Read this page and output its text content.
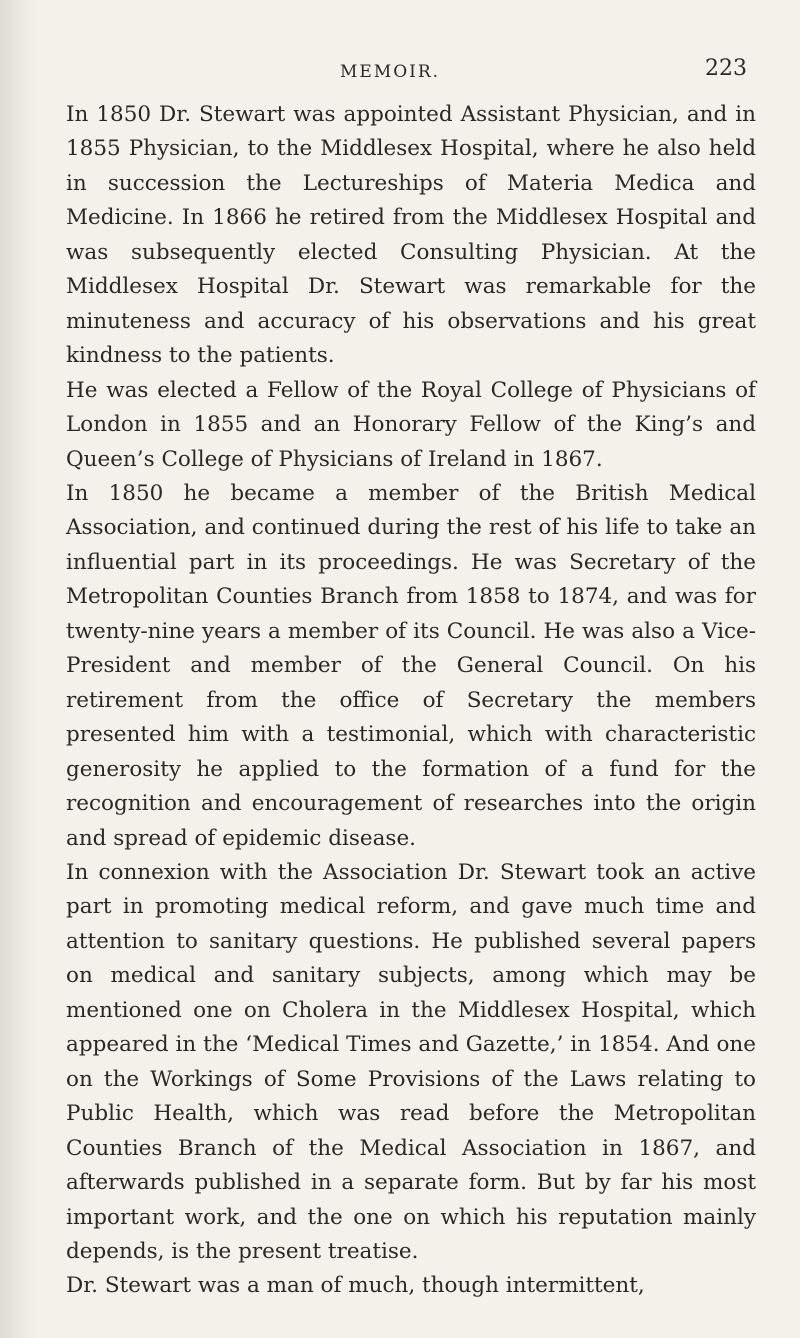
MEMOIR.	223

In 1850 Dr. Stewart was appointed Assistant Physician, and in 1855 Physician, to the Middlesex Hospital, where he also held in succession the Lectureships of Materia Medica and Medicine. In 1866 he retired from the Middlesex Hospital and was subsequently elected Consulting Physician. At the Middlesex Hospital Dr. Stewart was remarkable for the minuteness and accuracy of his observations and his great kindness to the patients.

He was elected a Fellow of the Royal College of Physicians of London in 1855 and an Honorary Fellow of the King’s and Queen’s College of Physicians of Ireland in 1867.

In 1850 he became a member of the British Medical Association, and continued during the rest of his life to take an influential part in its proceedings. He was Secretary of the Metropolitan Counties Branch from 1858 to 1874, and was for twenty-nine years a member of its Council. He was also a Vice-President and member of the General Council. On his retirement from the office of Secretary the members presented him with a testimonial, which with characteristic generosity he applied to the formation of a fund for the recognition and encouragement of researches into the origin and spread of epidemic disease.

In connexion with the Association Dr. Stewart took an active part in promoting medical reform, and gave much time and attention to sanitary questions. He published several papers on medical and sanitary subjects, among which may be mentioned one on Cholera in the Middlesex Hospital, which appeared in the ‘Medical Times and Gazette,’ in 1854. And one on the Workings of Some Provisions of the Laws relating to Public Health, which was read before the Metropolitan Counties Branch of the Medical Association in 1867, and afterwards published in a separate form. But by far his most important work, and the one on which his reputation mainly depends, is the present treatise.

Dr. Stewart was a man of much, though intermittent,
